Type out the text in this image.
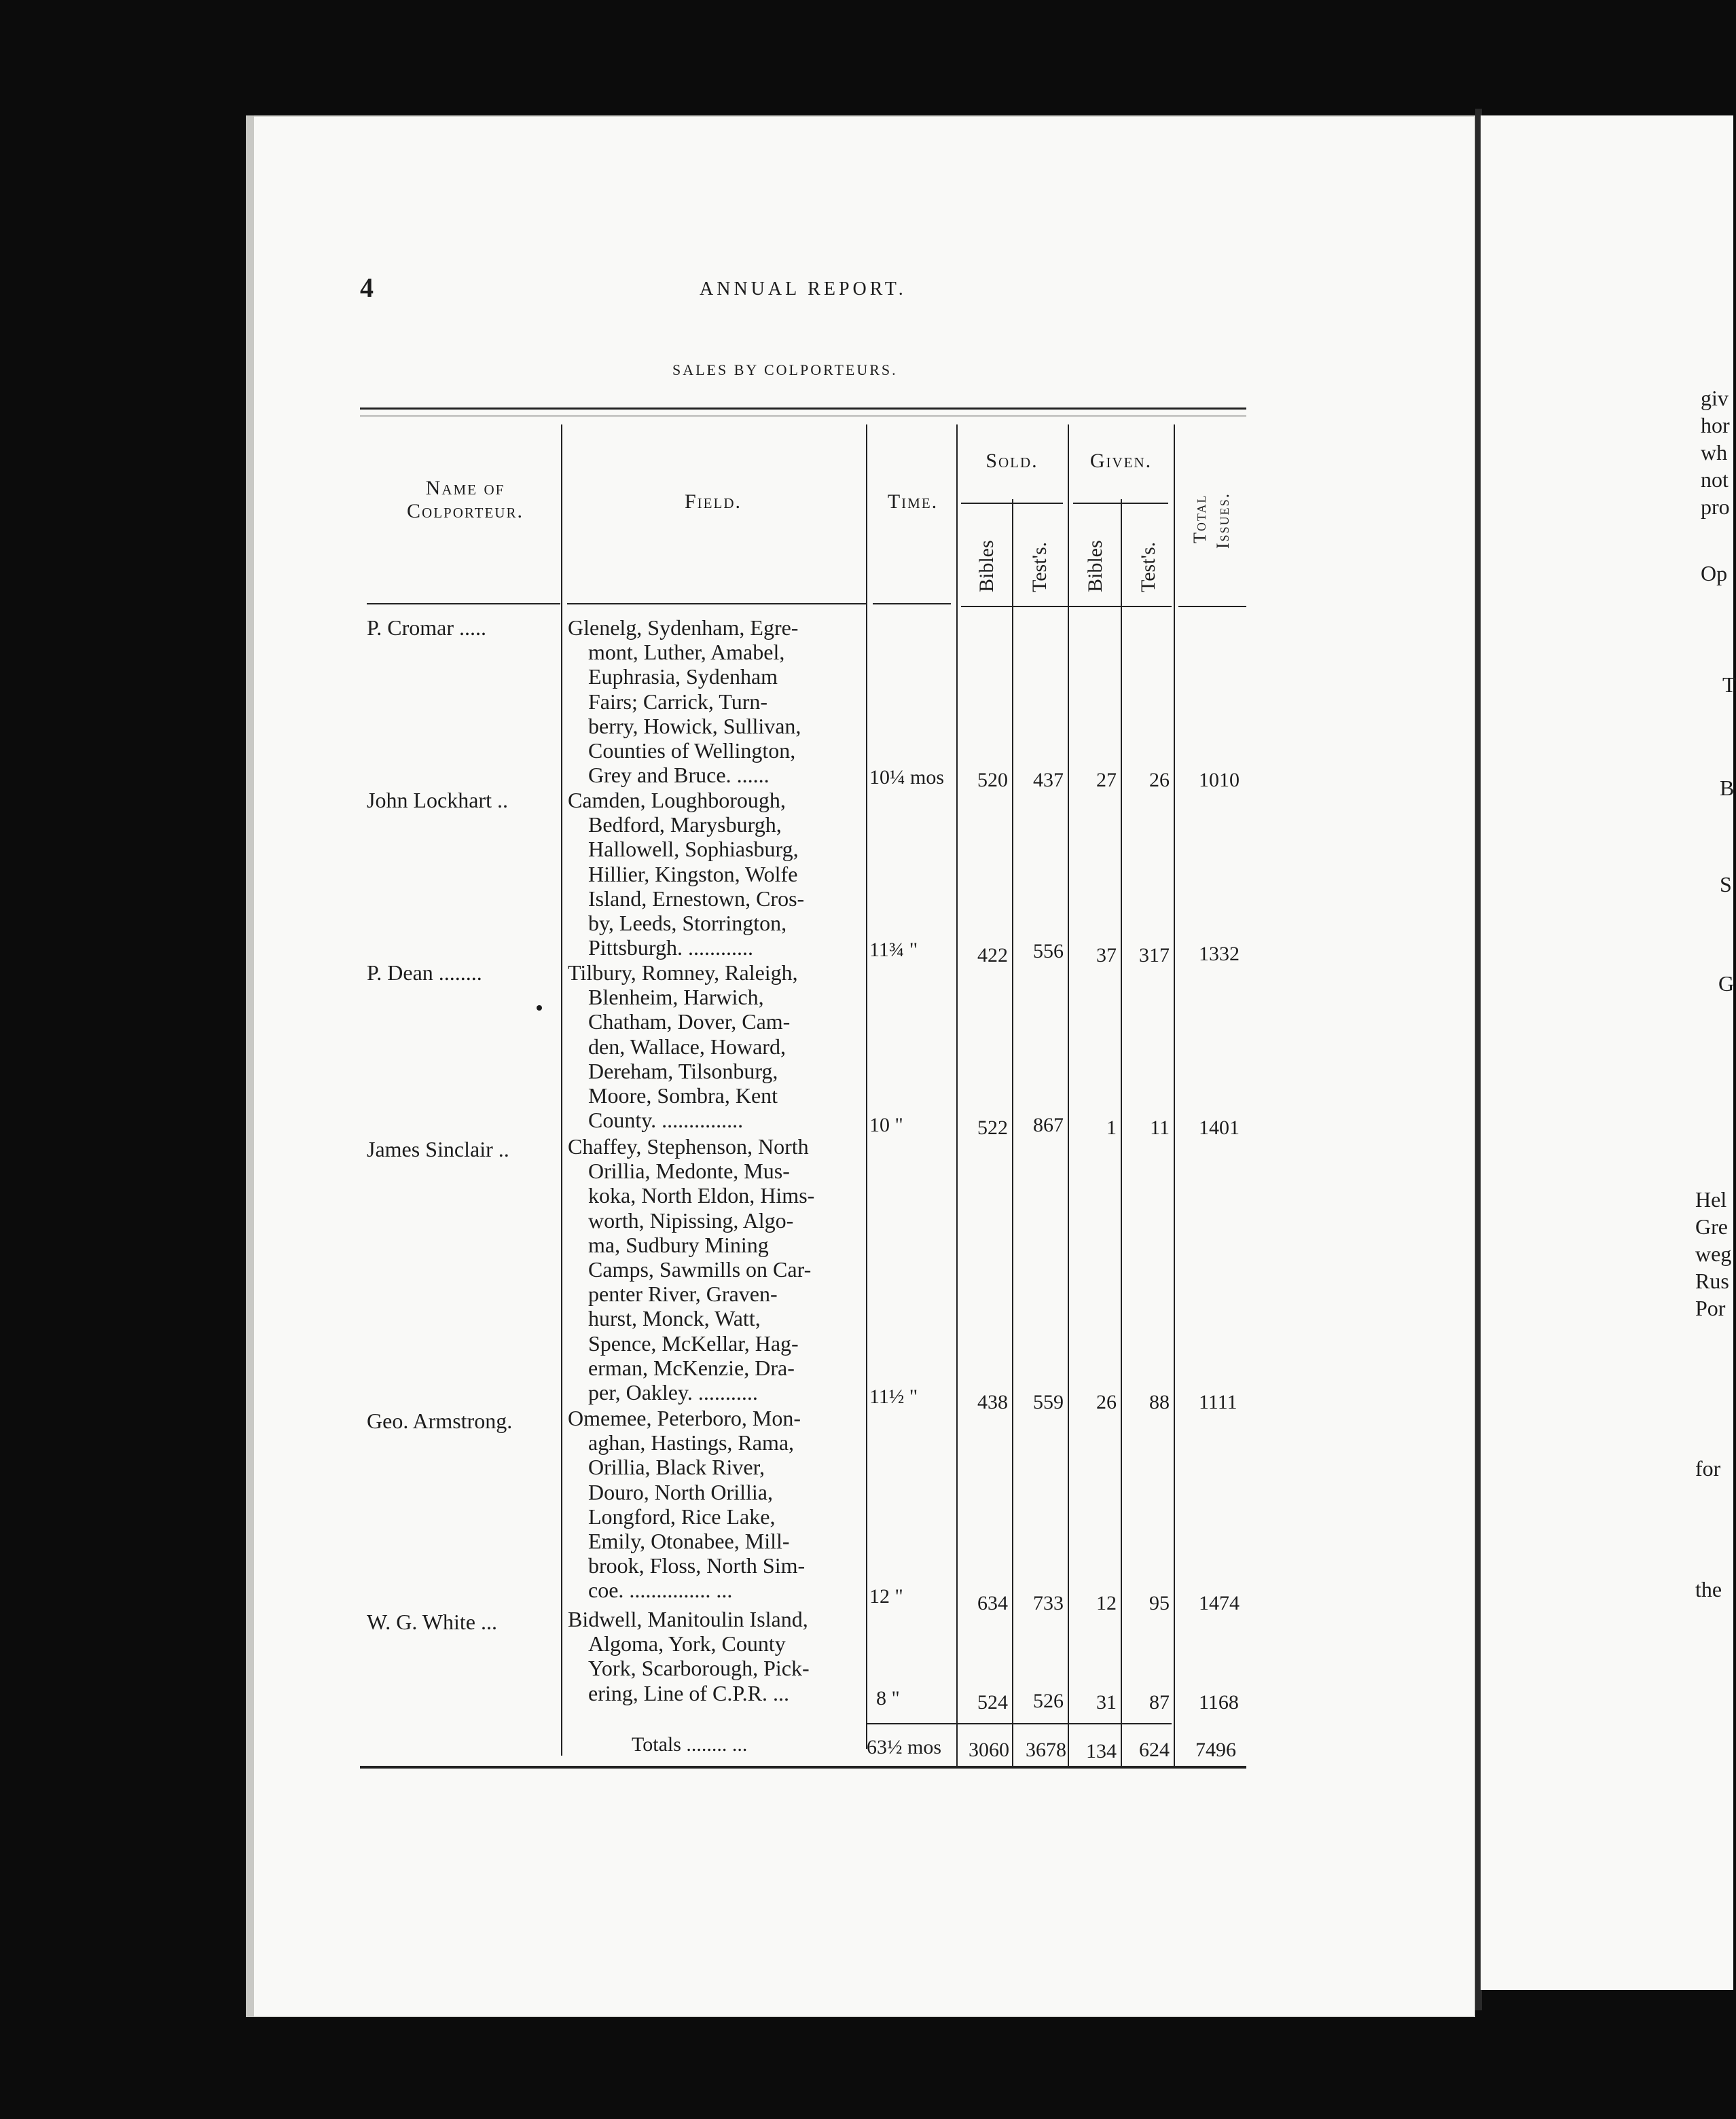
4	ANNUAL REPORT.
SALES BY COLPORTEURS.
Name of
Colporteur.	Field.	Time.
Sold.	Given.
Bibles Test's. Bibles Test's.
Total Issues.
P. Cromar .....	Glenelg, Sydenham, Egre-
mont, Luther, Amabel,
Euphrasia, Sydenham
Fairs; Carrick, Turn-
berry, Howick, Sullivan,
Counties of Wellington,
Grey and Bruce. ......	10¼ mos	520	437	27	26 1010
John Lockhart ..	Camden, Loughborough,
Bedford, Marysburgh,
Hallowell, Sophiasburg,
Hillier, Kingston, Wolfe
Island, Ernestown, Cros-
by, Leeds, Storrington,
Pittsburgh. ............	11¾ "	422	556	37	317 1332
P. Dean ........	Tilbury, Romney, Raleigh,
Blenheim, Harwich,
Chatham, Dover, Cam-
den, Wallace, Howard,
Dereham, Tilsonburg,
Moore, Sombra, Kent
County. ...............	10 "	522	867	1	11 1401
James Sinclair ..	Chaffey, Stephenson, North
Orillia, Medonte, Mus-
koka, North Eldon, Hims-
worth, Nipissing, Algo-
ma, Sudbury Mining
Camps, Sawmills on Car-
penter River, Graven-
hurst, Monck, Watt,
Spence, McKellar, Hag-
erman, McKenzie, Dra-
per, Oakley. ...........	11½ "	438	559	26	88 1111
Geo. Armstrong.	Omemee, Peterboro, Mon-
aghan, Hastings, Rama,
Orillia, Black River,
Douro, North Orillia,
Longford, Rice Lake,
Emily, Otonabee, Mill-
brook, Floss, North Sim-
coe. ............... ...	12 "	634	733	12	95 1474
W. G. White ...	Bidwell, Manitoulin Island,
Algoma, York, County
York, Scarborough, Pick-
ering, Line of C.P.R. ...	8 "	524	526	31	87 1168
Totals ........ ...	63½ mos	3060 3678 134	624 7496
giv
hor
wh
not
pro
Op
T
B
S
G
Hel
Gre
weg
Rus
Por
for
the
